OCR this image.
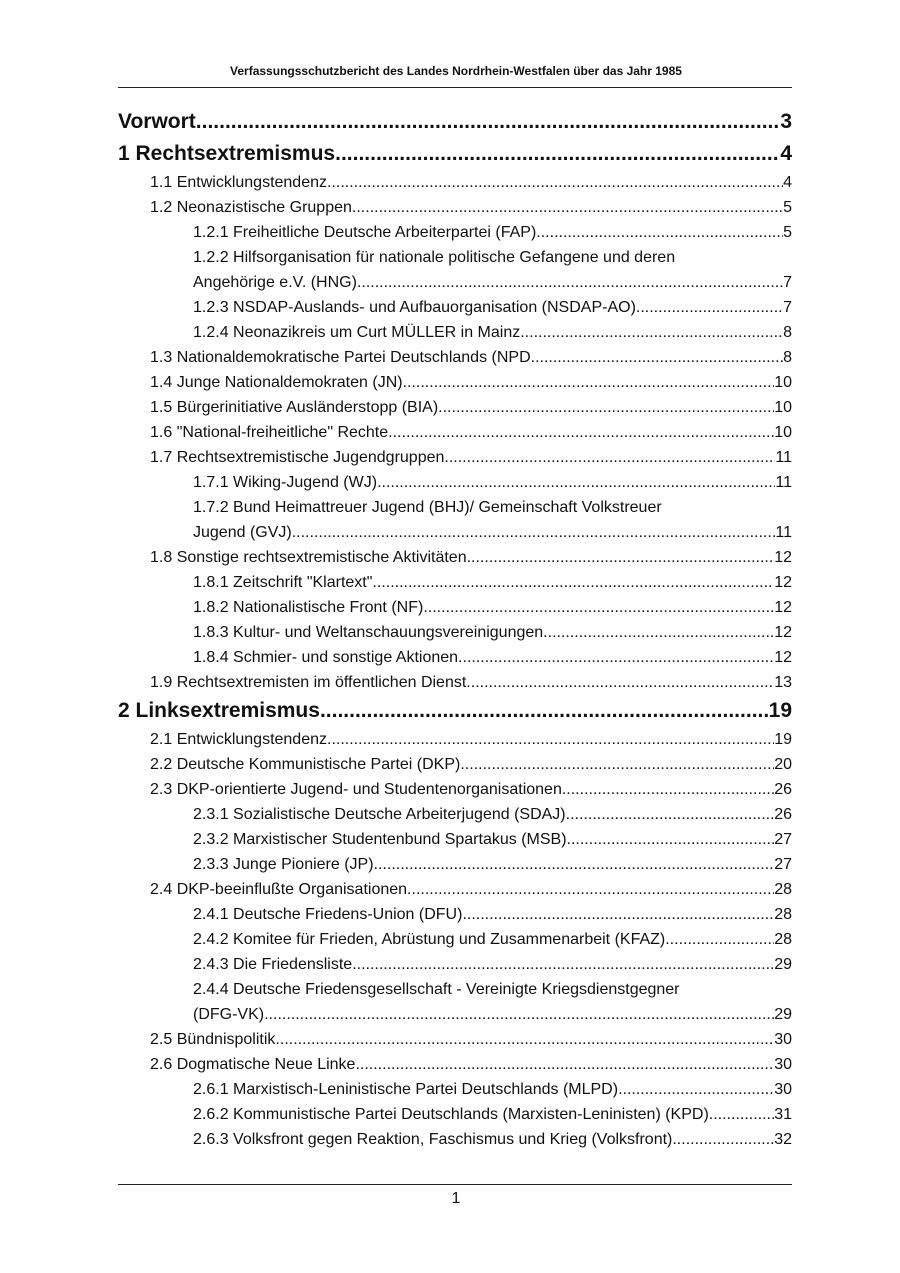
Verfassungsschutzbericht des Landes Nordrhein-Westfalen über das Jahr 1985
Vorwort .....	3
1 Rechtsextremismus .....	4
1.1 Entwicklungstendenz .....	4
1.2 Neonazistische Gruppen .....	5
1.2.1 Freiheitliche Deutsche Arbeiterpartei (FAP) .....	5
1.2.2 Hilfsorganisation für nationale politische Gefangene und deren
Angehörige e.V. (HNG) .....	7
1.2.3 NSDAP-Auslands- und Aufbauorganisation (NSDAP-AO) .....	7
1.2.4 Neonazikreis um Curt MÜLLER in Mainz .....	8
1.3 Nationaldemokratische Partei Deutschlands (NPD .....	8
1.4 Junge Nationaldemokraten (JN) .....	10
1.5 Bürgerinitiative Ausländerstopp (BIA) .....	10
1.6 "National-freiheitliche" Rechte .....	10
1.7 Rechtsextremistische Jugendgruppen .....	11
1.7.1 Wiking-Jugend (WJ) .....	11
1.7.2 Bund Heimattreuer Jugend (BHJ)/ Gemeinschaft Volkstreuer
Jugend (GVJ) .....	11
1.8 Sonstige rechtsextremistische Aktivitäten .....	12
1.8.1 Zeitschrift "Klartext" .....	12
1.8.2 Nationalistische Front (NF) .....	12
1.8.3 Kultur- und Weltanschauungsvereinigungen .....	12
1.8.4 Schmier- und sonstige Aktionen .....	12
1.9 Rechtsextremisten im öffentlichen Dienst .....	13
2 Linksextremismus .....	19
2.1 Entwicklungstendenz .....	19
2.2 Deutsche Kommunistische Partei (DKP) .....	20
2.3 DKP-orientierte Jugend- und Studentenorganisationen .....	26
2.3.1 Sozialistische Deutsche Arbeiterjugend (SDAJ) .....	26
2.3.2 Marxistischer Studentenbund Spartakus (MSB) .....	27
2.3.3 Junge Pioniere (JP) .....	27
2.4 DKP-beeinflußte Organisationen .....	28
2.4.1 Deutsche Friedens-Union (DFU) .....	28
2.4.2 Komitee für Frieden, Abrüstung und Zusammenarbeit (KFAZ) .....	28
2.4.3 Die Friedensliste .....	29
2.4.4 Deutsche Friedensgesellschaft - Vereinigte Kriegsdienstgegner
(DFG-VK) .....	29
2.5 Bündnispolitik .....	30
2.6 Dogmatische Neue Linke .....	30
2.6.1 Marxistisch-Leninistische Partei Deutschlands (MLPD) .....	30
2.6.2 Kommunistische Partei Deutschlands (Marxisten-Leninisten) (KPD) .....	31
2.6.3 Volksfront gegen Reaktion, Faschismus und Krieg (Volksfront) .....	32
1
